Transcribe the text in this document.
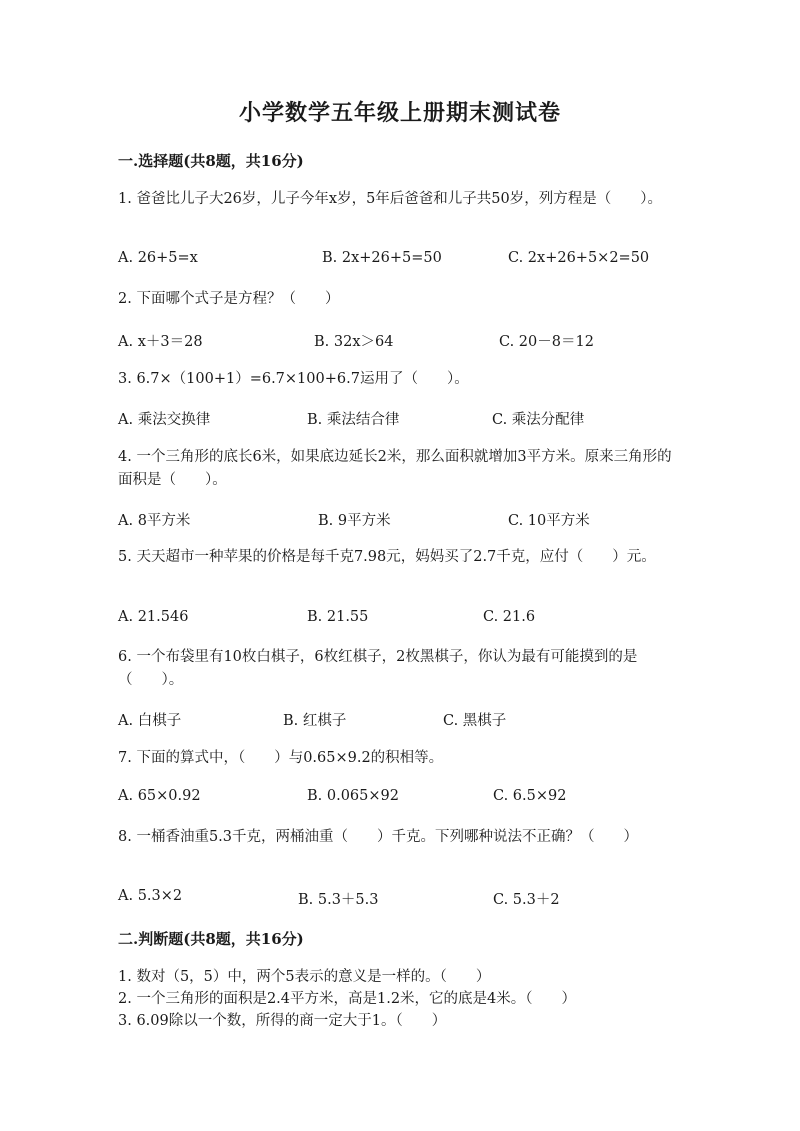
小学数学五年级上册期末测试卷
一.选择题(共8题，共16分)
1. 爸爸比儿子大26岁，儿子今年x岁，5年后爸爸和儿子共50岁，列方程是（　　）。
A. 26+5=x	B. 2x+26+5=50	C. 2x+26+5×2=50
2. 下面哪个式子是方程？（　　）
A. x＋3＝28	B. 32x＞64	C. 20－8＝12
3. 6.7×（100+1）=6.7×100+6.7运用了（　　）。
A. 乘法交换律	B. 乘法结合律	C. 乘法分配律
4. 一个三角形的底长6米，如果底边延长2米，那么面积就增加3平方米。原来三角形的面积是（　　）。
A. 8平方米	B. 9平方米	C. 10平方米
5. 天天超市一种苹果的价格是每千克7.98元，妈妈买了2.7千克，应付（　　）元。
A. 21.546	B. 21.55	C. 21.6
6. 一个布袋里有10枚白棋子，6枚红棋子，2枚黑棋子，你认为最有可能摸到的是（　　）。
A. 白棋子	B. 红棋子	C. 黑棋子
7. 下面的算式中，（　　）与0.65×9.2的积相等。
A. 65×0.92	B. 0.065×92	C. 6.5×92
8. 一桶香油重5.3千克，两桶油重（　　）千克。下列哪种说法不正确？（　　）
A. 5.3×2	B. 5.3＋5.3	C. 5.3＋2
二.判断题(共8题，共16分)
1. 数对（5，5）中，两个5表示的意义是一样的。（　　）
2. 一个三角形的面积是2.4平方米，高是1.2米，它的底是4米。（　　）
3. 6.09除以一个数，所得的商一定大于1。（　　）
